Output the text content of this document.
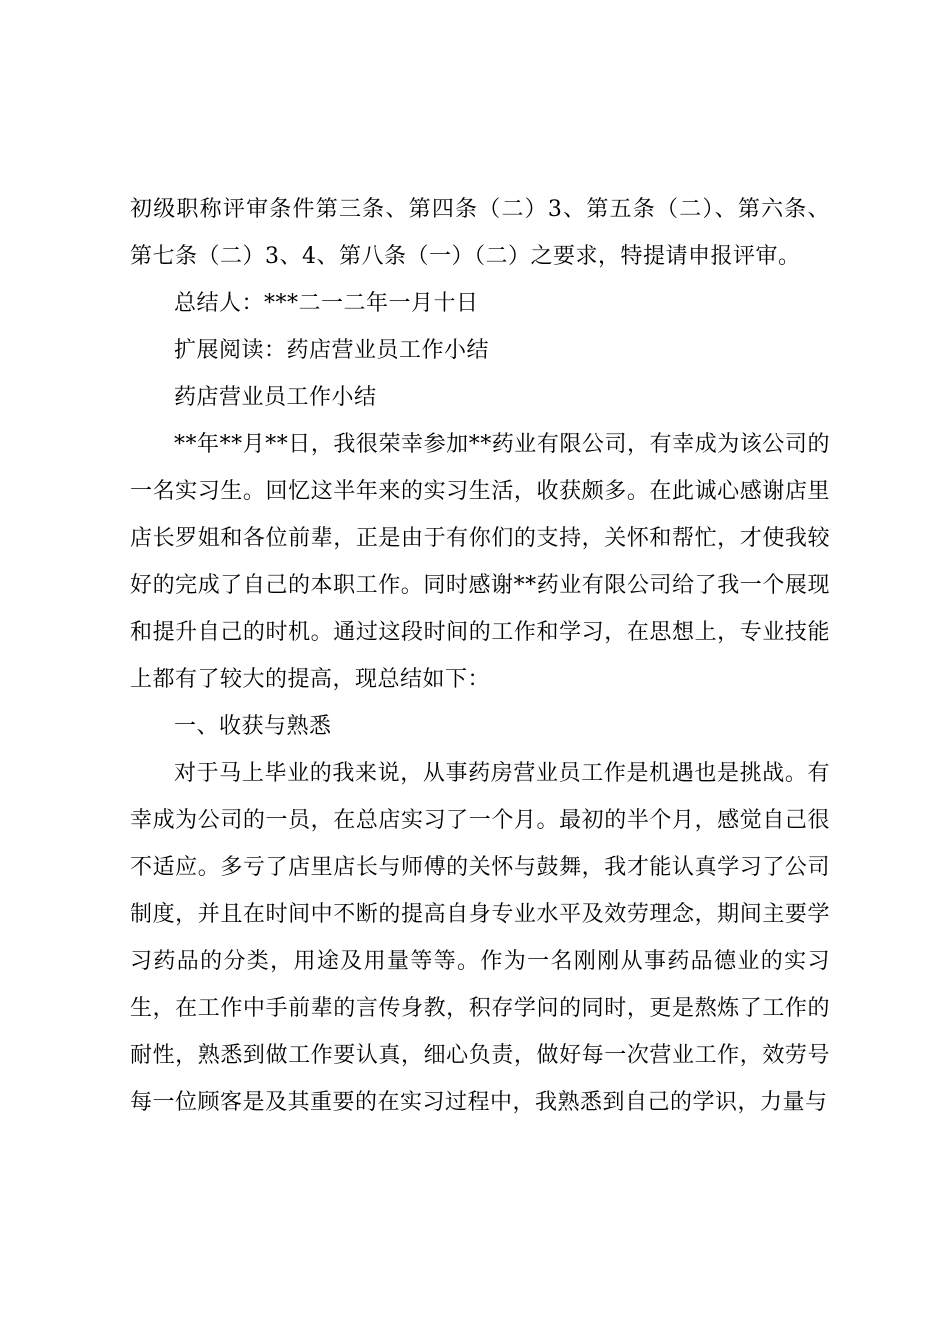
初级职称评审条件第三条、第四条（二）3、第五条（二）、第六条、第七条（二）3、4、第八条（一）（二）之要求，特提请申报评审。

总结人：***二一二年一月十日

扩展阅读：药店营业员工作小结

药店营业员工作小结

**年**月**日，我很荣幸参加**药业有限公司，有幸成为该公司的一名实习生。回忆这半年来的实习生活，收获颇多。在此诚心感谢店里店长罗姐和各位前辈，正是由于有你们的支持，关怀和帮忙，才使我较好的完成了自己的本职工作。同时感谢**药业有限公司给了我一个展现和提升自己的时机。通过这段时间的工作和学习，在思想上，专业技能上都有了较大的提高，现总结如下：

一、收获与熟悉

对于马上毕业的我来说，从事药房营业员工作是机遇也是挑战。有幸成为公司的一员，在总店实习了一个月。最初的半个月，感觉自己很不适应。多亏了店里店长与师傅的关怀与鼓舞，我才能认真学习了公司制度，并且在时间中不断的提高自身专业水平及效劳理念，期间主要学习药品的分类，用途及用量等等。作为一名刚刚从事药品德业的实习生，在工作中手前辈的言传身教，积存学问的同时，更是熬炼了工作的耐性，熟悉到做工作要认真，细心负责，做好每一次营业工作，效劳号每一位顾客是及其重要的在实习过程中，我熟悉到自己的学识，力量与
